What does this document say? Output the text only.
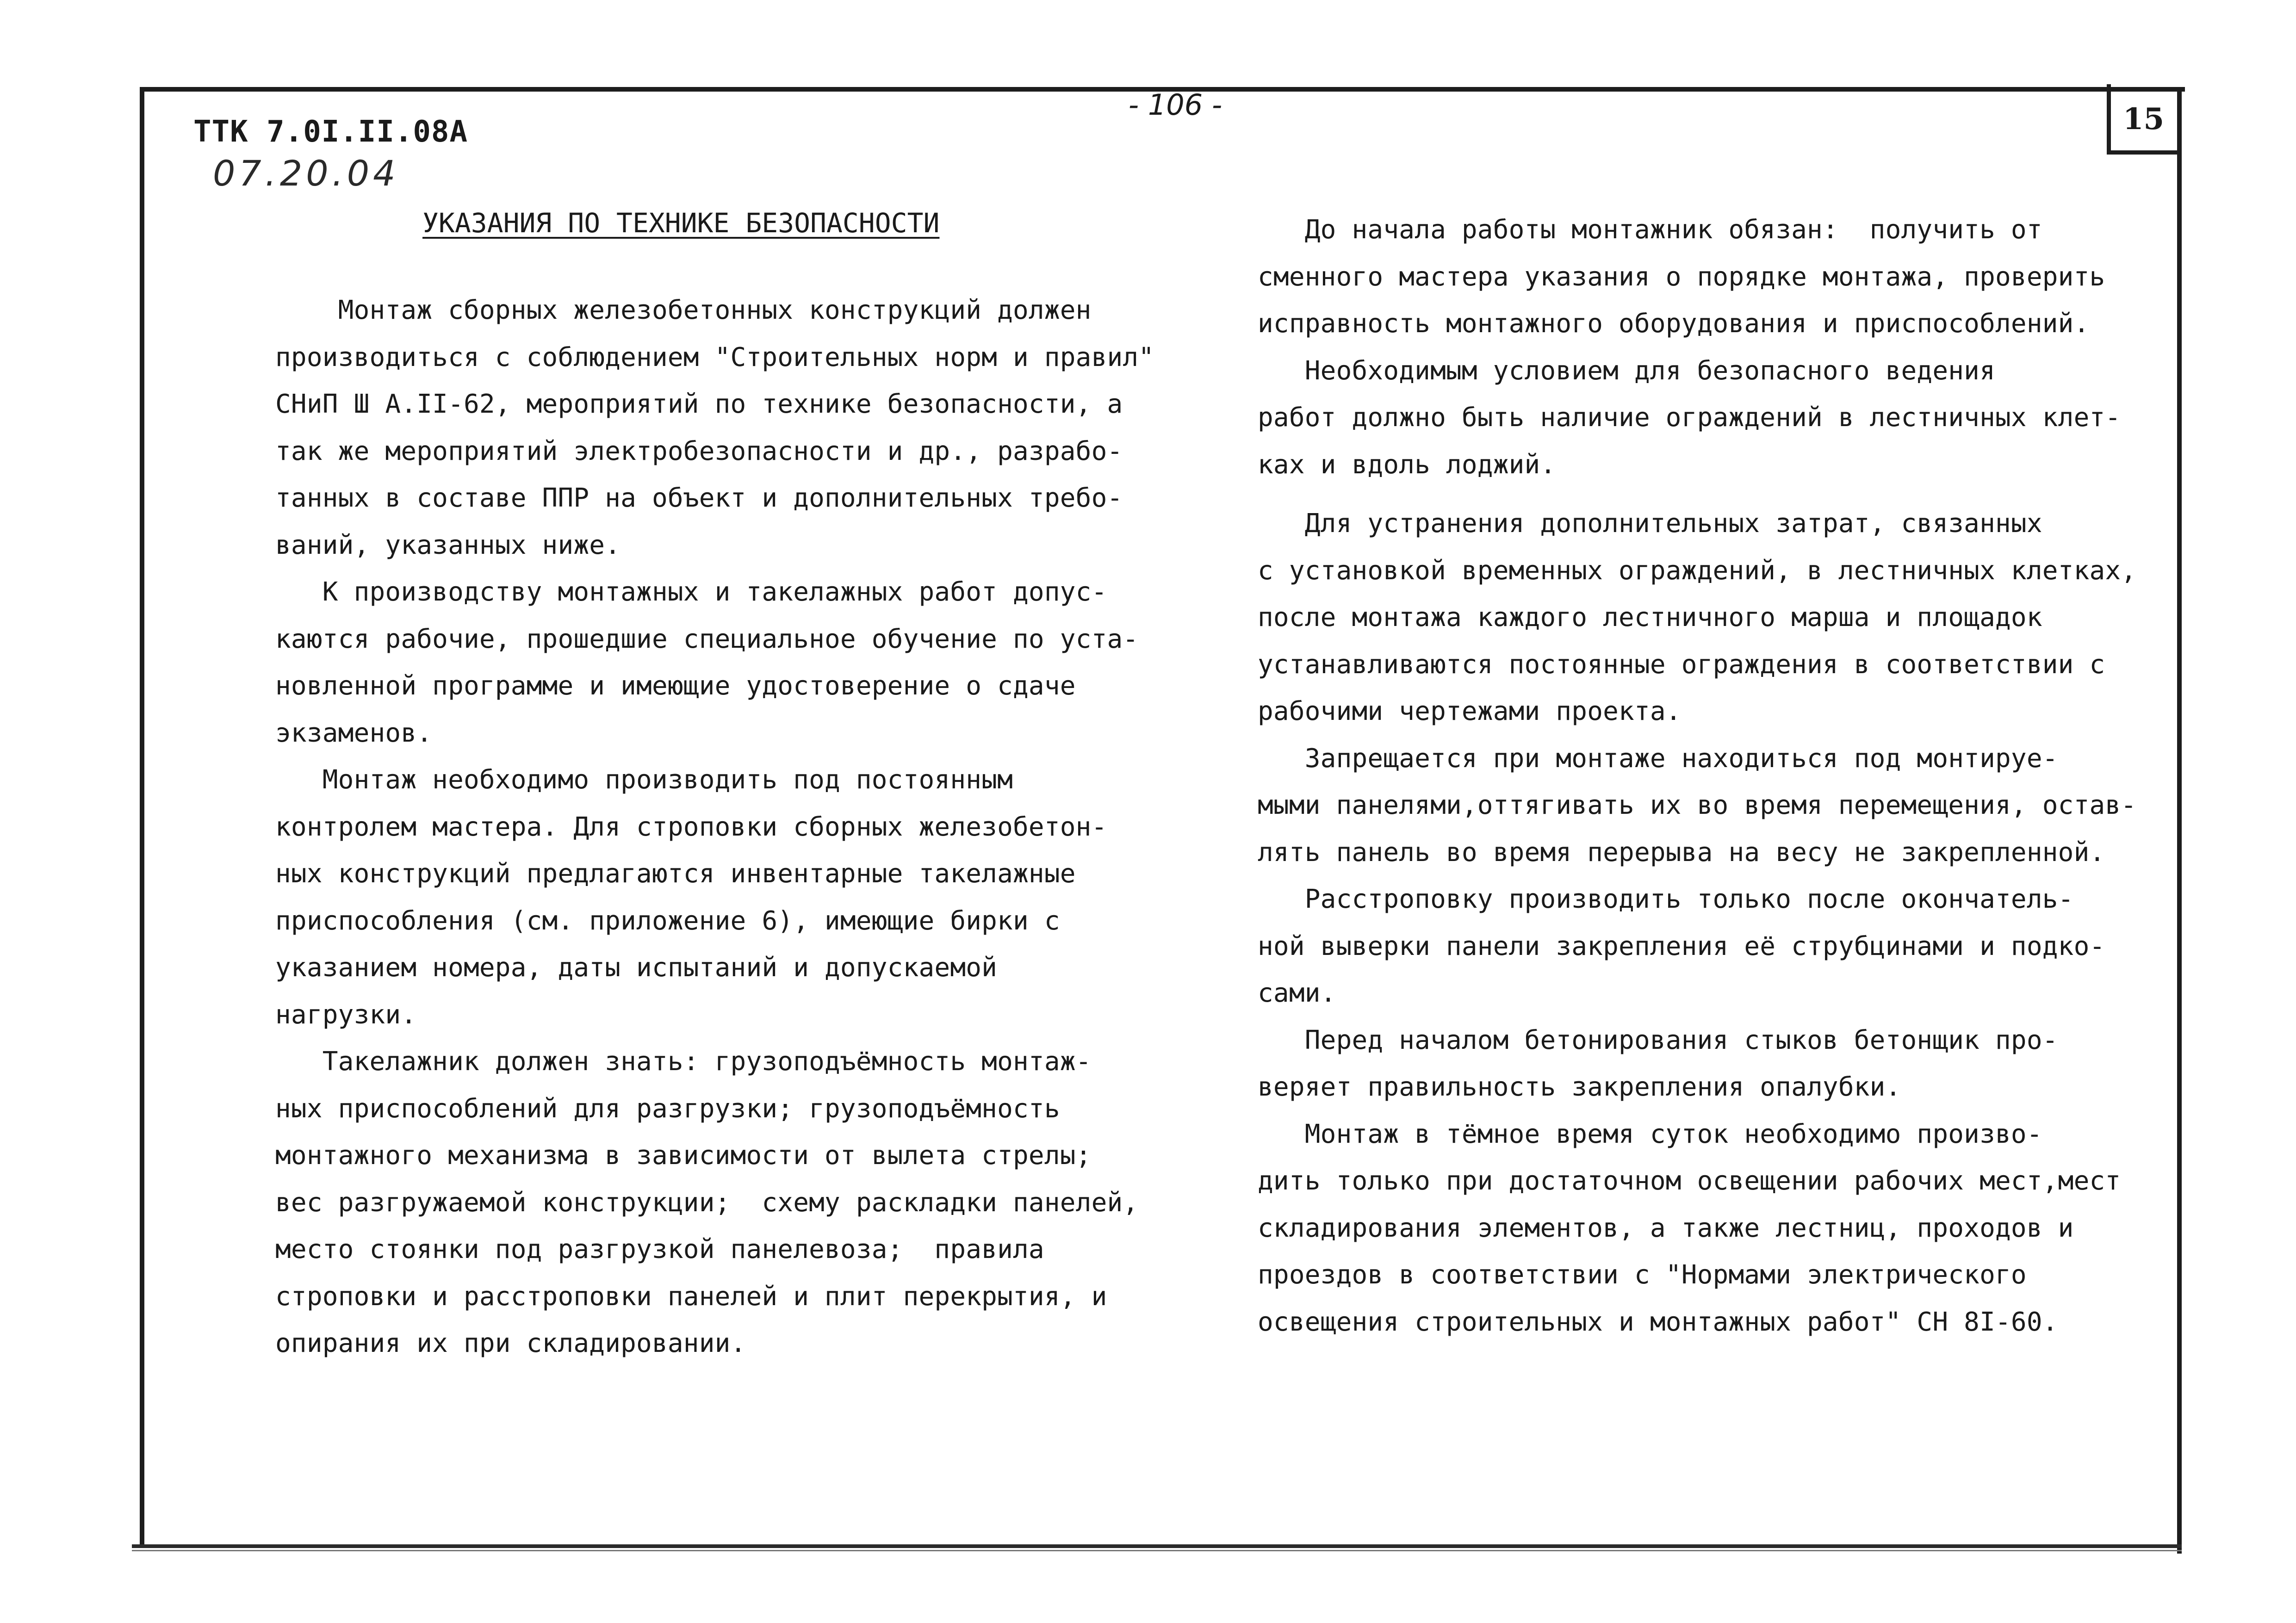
15
- 106 -
ТТК 7.0I.II.08А
07.20.04
УКАЗАНИЯ ПО ТЕХНИКЕ БЕЗОПАСНОСТИ

Монтаж сборных железобетонных конструкций должен
производиться с соблюдением "Строительных норм и правил"
СНиП Ш А.II-62, мероприятий по технике безопасности, а
так же мероприятий электробезопасности и др., разрабо-
танных в составе ППР на объект и дополнительных требо-
ваний, указанных ниже.

К производству монтажных и такелажных работ допус-
каются рабочие, прошедшие специальное обучение по уста-
новленной программе и имеющие удостоверение о сдаче
экзаменов.

Монтаж необходимо производить под постоянным
контролем мастера. Для строповки сборных железобетон-
ных конструкций предлагаются инвентарные такелажные
приспособления (см. приложение 6), имеющие бирки с
указанием номера, даты испытаний и допускаемой
нагрузки.

Такелажник должен знать: грузоподъёмность монтаж-
ных приспособлений для разгрузки; грузоподъёмность
монтажного механизма в зависимости от вылета стрелы;
вес разгружаемой конструкции;  схему раскладки панелей,
место стоянки под разгрузкой панелевоза;  правила
строповки и расстроповки панелей и плит перекрытия, и
опирания их при складировании.

До начала работы монтажник обязан:  получить от
сменного мастера указания о порядке монтажа, проверить
исправность монтажного оборудования и приспособлений.

Необходимым условием для безопасного ведения
работ должно быть наличие ограждений в лестничных клет-
ках и вдоль лоджий.

Для устранения дополнительных затрат, связанных
с установкой временных ограждений, в лестничных клетках,
после монтажа каждого лестничного марша и площадок
устанавливаются постоянные ограждения в соответствии с
рабочими чертежами проекта.

Запрещается при монтаже находиться под монтируе-
мыми панелями,оттягивать их во время перемещения, остав-
лять панель во время перерыва на весу не закрепленной.

Расстроповку производить только после окончатель-
ной выверки панели закрепления её струбцинами и подко-
сами.

Перед началом бетонирования стыков бетонщик про-
веряет правильность закрепления опалубки.

Монтаж в тёмное время суток необходимо произво-
дить только при достаточном освещении рабочих мест,мест
складирования элементов, а также лестниц, проходов и
проездов в соответствии с "Нормами электрического
освещения строительных и монтажных работ" СН 8I-60.
